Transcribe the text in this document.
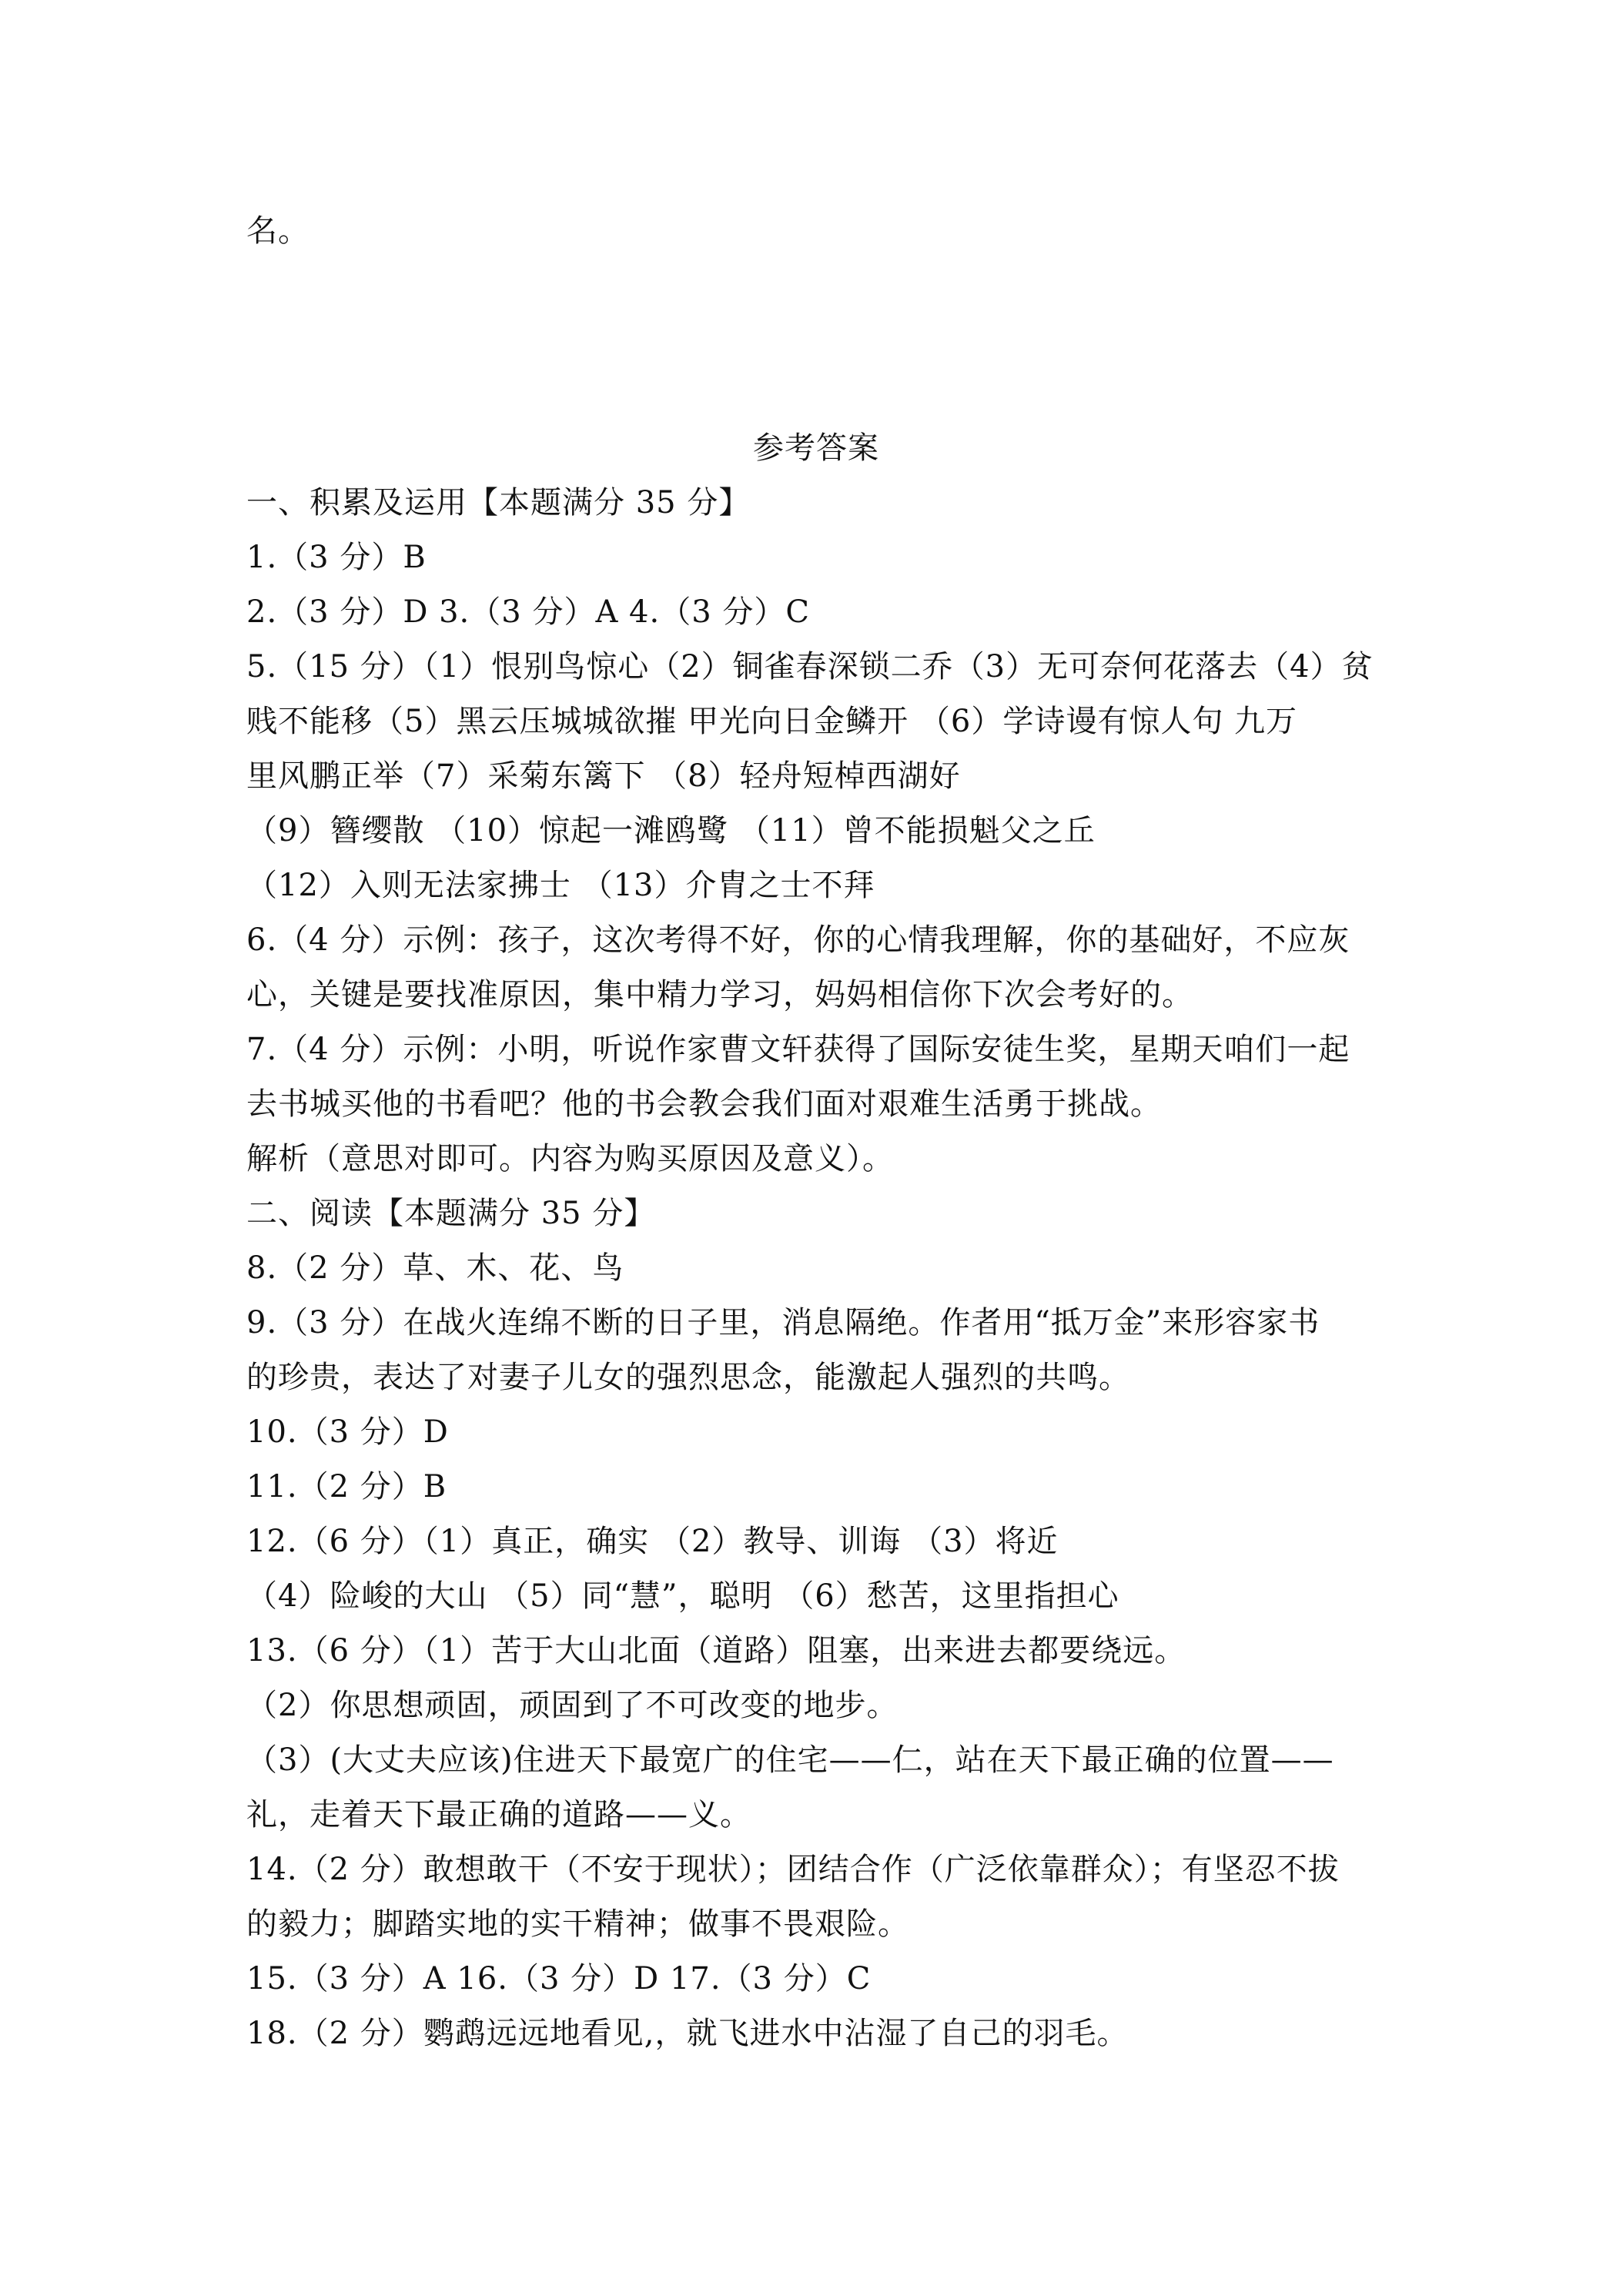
名。
参考答案
一、积累及运用【本题满分 35 分】
1.（3 分）B
2.（3 分）D 3.（3 分）A 4.（3 分）C
5.（15 分）（1）恨别鸟惊心（2）铜雀春深锁二乔（3）无可奈何花落去（4）贫
贱不能移（5）黑云压城城欲摧 甲光向日金鳞开 （6）学诗谩有惊人句 九万
里风鹏正举（7）采菊东篱下 （8）轻舟短棹西湖好
（9）簪缨散 （10）惊起一滩鸥鹭 （11）曾不能损魁父之丘
（12）入则无法家拂士 （13）介胄之士不拜
6.（4 分）示例：孩子，这次考得不好，你的心情我理解，你的基础好，不应灰
心，关键是要找准原因，集中精力学习，妈妈相信你下次会考好的。
7.（4 分）示例：小明，听说作家曹文轩获得了国际安徒生奖，星期天咱们一起
去书城买他的书看吧？他的书会教会我们面对艰难生活勇于挑战。
解析（意思对即可。内容为购买原因及意义）。
二、阅读【本题满分 35 分】
8.（2 分）草、木、花、鸟
9.（3 分）在战火连绵不断的日子里，消息隔绝。作者用“抵万金”来形容家书
的珍贵，表达了对妻子儿女的强烈思念，能激起人强烈的共鸣。
10.（3 分）D
11.（2 分）B
12.（6 分）（1）真正，确实 （2）教导、训诲 （3）将近
（4）险峻的大山 （5）同“慧”，聪明 （6）愁苦，这里指担心
13.（6 分）（1）苦于大山北面（道路）阻塞，出来进去都要绕远。
（2）你思想顽固，顽固到了不可改变的地步。
（3）(大丈夫应该)住进天下最宽广的住宅——仁，站在天下最正确的位置——
礼，走着天下最正确的道路——义。
14.（2 分）敢想敢干（不安于现状）；团结合作（广泛依靠群众）；有坚忍不拔
的毅力；脚踏实地的实干精神；做事不畏艰险。
15.（3 分）A 16.（3 分）D 17.（3 分）C
18.（2 分）鹦鹉远远地看见,，就飞进水中沾湿了自己的羽毛。
